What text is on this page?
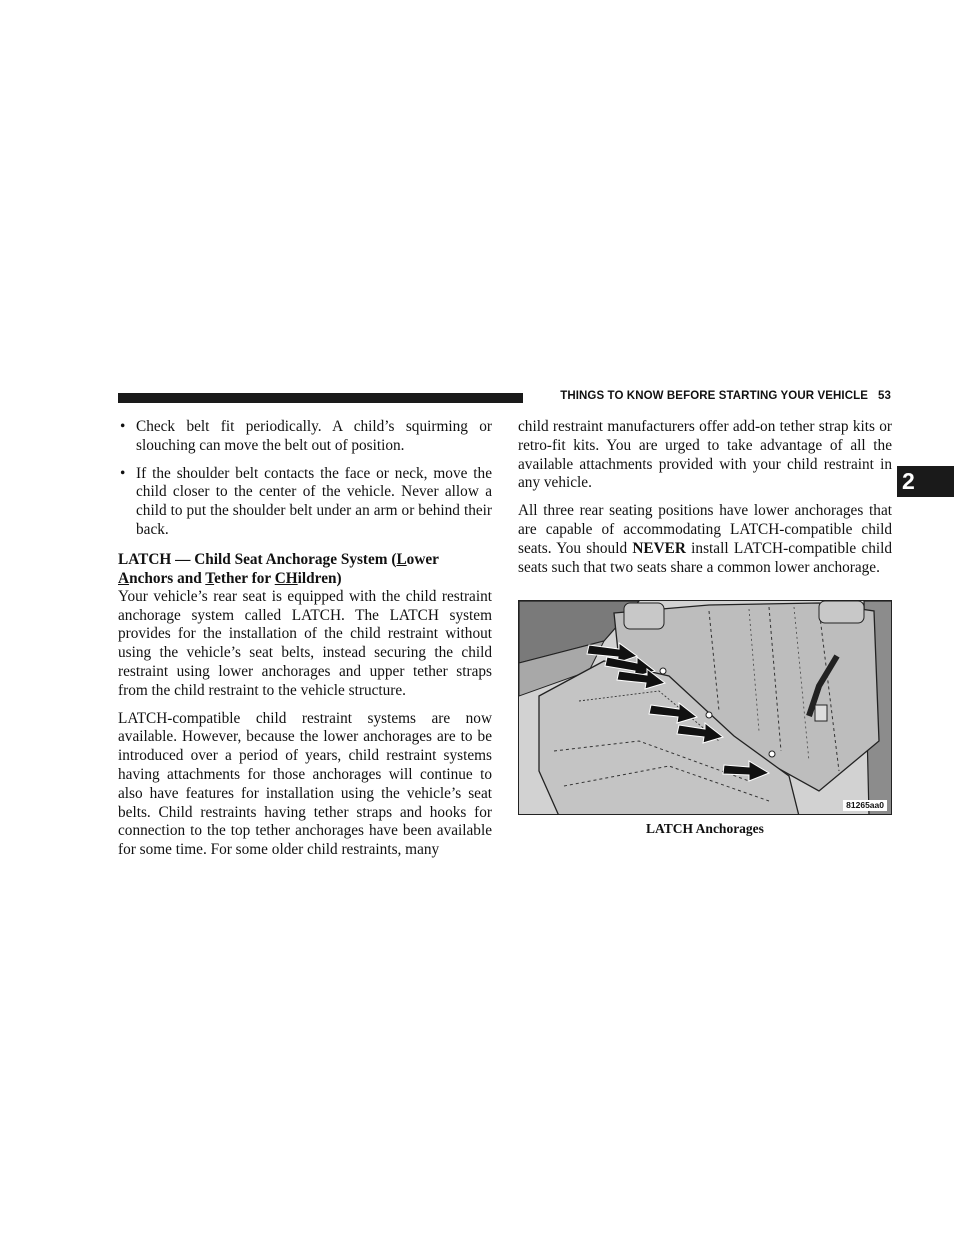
THINGS TO KNOW BEFORE STARTING YOUR VEHICLE 53
2
• Check belt fit periodically. A child’s squirming or slouching can move the belt out of position.
• If the shoulder belt contacts the face or neck, move the child closer to the center of the vehicle. Never allow a child to put the shoulder belt under an arm or behind their back.
LATCH — Child Seat Anchorage System (Lower Anchors and Tether for CHildren)

Your vehicle’s rear seat is equipped with the child restraint anchorage system called LATCH. The LATCH system provides for the installation of the child restraint without using the vehicle’s seat belts, instead securing the child restraint using lower anchorages and upper tether straps from the child restraint to the vehicle structure.

LATCH-compatible child restraint systems are now available. However, because the lower anchorages are to be introduced over a period of years, child restraint systems having attachments for those anchorages will continue to also have features for installation using the vehicle’s seat belts. Child restraints having tether straps and hooks for connection to the top tether anchorages have been available for some time. For some older child restraints, many

child restraint manufacturers offer add-on tether strap kits or retro-fit kits. You are urged to take advantage of all the available attachments provided with your child restraint in any vehicle.

All three rear seating positions have lower anchorages that are capable of accommodating LATCH-compatible child seats. You should NEVER install LATCH-compatible child seats such that two seats share a common lower anchorage.

81265aa0
LATCH Anchorages
